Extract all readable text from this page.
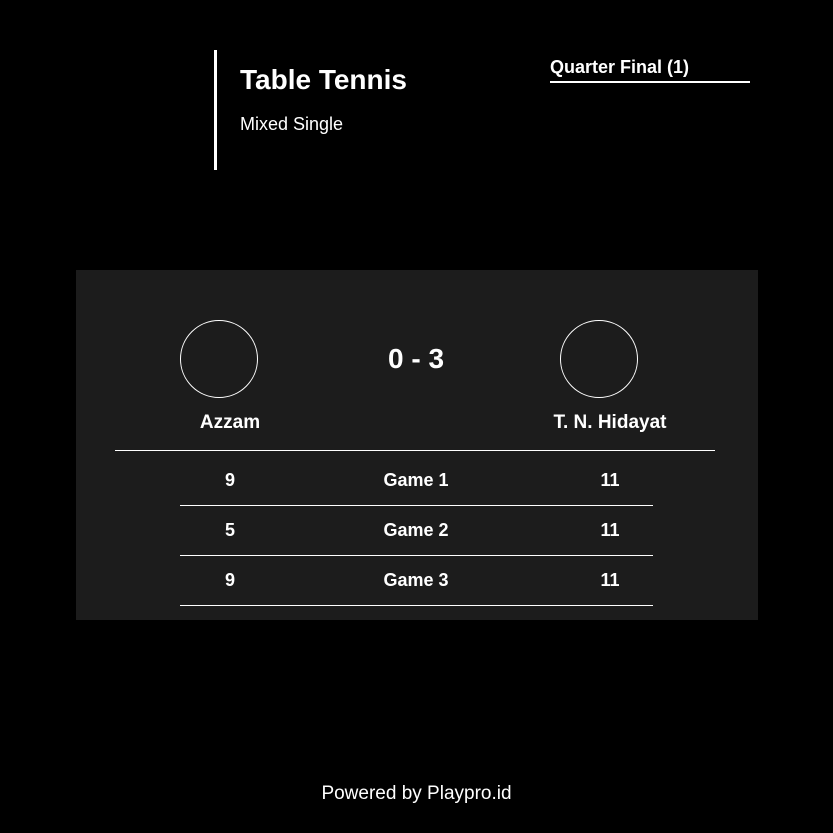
Table Tennis
Mixed Single
Quarter Final (1)
0 - 3
Azzam	T. N. Hidayat
9	Game 1	11
5	Game 2	11
9	Game 3	11
Powered by Playpro.id
